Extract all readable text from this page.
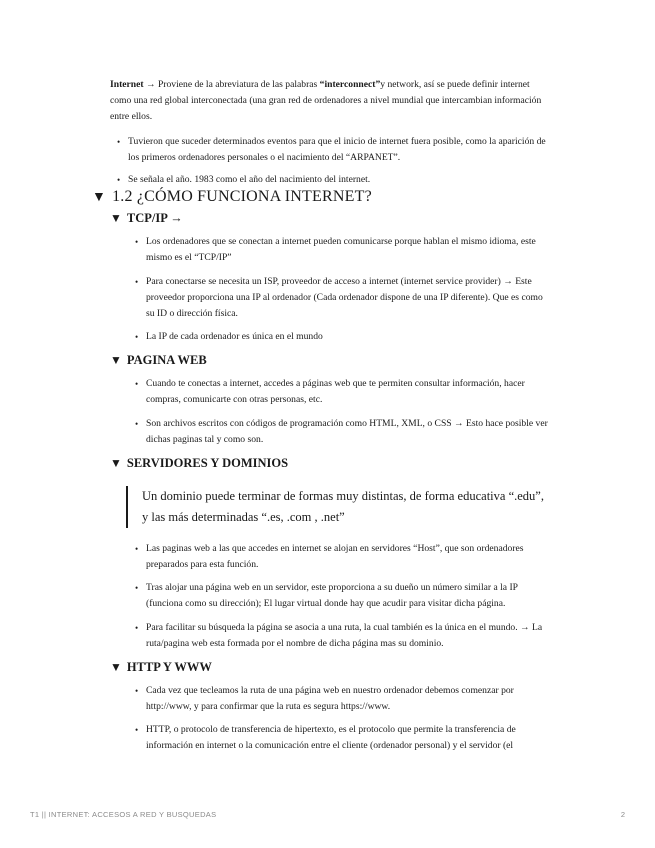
Internet → Proviene de la abreviatura de las palabras “interconnect”y network, así se puede definir internet como una red global interconectada (una gran red de ordenadores a nivel mundial que intercambian información entre ellos.
• Tuvieron que suceder determinados eventos para que el inicio de internet fuera posible, como la aparición de los primeros ordenadores personales o el nacimiento del “ARPANET”.
• Se señala el año. 1983 como el año del nacimiento del internet.
▼ 1.2 ¿CÓMO FUNCIONA INTERNET?
▼ TCP/IP →
• Los ordenadores que se conectan a internet pueden comunicarse porque hablan el mismo idioma, este mismo es el “TCP/IP”
• Para conectarse se necesita un ISP, proveedor de acceso a internet (internet service provider) → Este proveedor proporciona una IP al ordenador (Cada ordenador dispone de una IP diferente). Que es como su ID o dirección física.
• La IP de cada ordenador es única en el mundo
▼ PAGINA WEB
• Cuando te conectas a internet, accedes a páginas web que te permiten consultar información, hacer compras, comunicarte con otras personas, etc.
• Son archivos escritos con códigos de programación como HTML, XML, o CSS → Esto hace posible ver dichas paginas tal y como son.
▼ SERVIDORES Y DOMINIOS
Un dominio puede terminar de formas muy distintas, de forma educativa “.edu”, y las más determinadas “.es, .com , .net”
• Las paginas web a las que accedes en internet se alojan en servidores “Host”, que son ordenadores preparados para esta función.
• Tras alojar una página web en un servidor, este proporciona a su dueño un número similar a la IP (funciona como su dirección); El lugar virtual donde hay que acudir para visitar dicha página.
• Para facilitar su búsqueda la página se asocia a una ruta, la cual también es la única en el mundo. → La ruta/pagina web esta formada por el nombre de dicha página mas su dominio.
▼ HTTP Y WWW
• Cada vez que tecleamos la ruta de una página web en nuestro ordenador debemos comenzar por http://www, y para confirmar que la ruta es segura https://www.
• HTTP, o protocolo de transferencia de hipertexto, es el protocolo que permite la transferencia de información en internet o la comunicación entre el cliente (ordenador personal) y el servidor (el
T1 || INTERNET: ACCESOS A RED Y BUSQUEDAS	2
